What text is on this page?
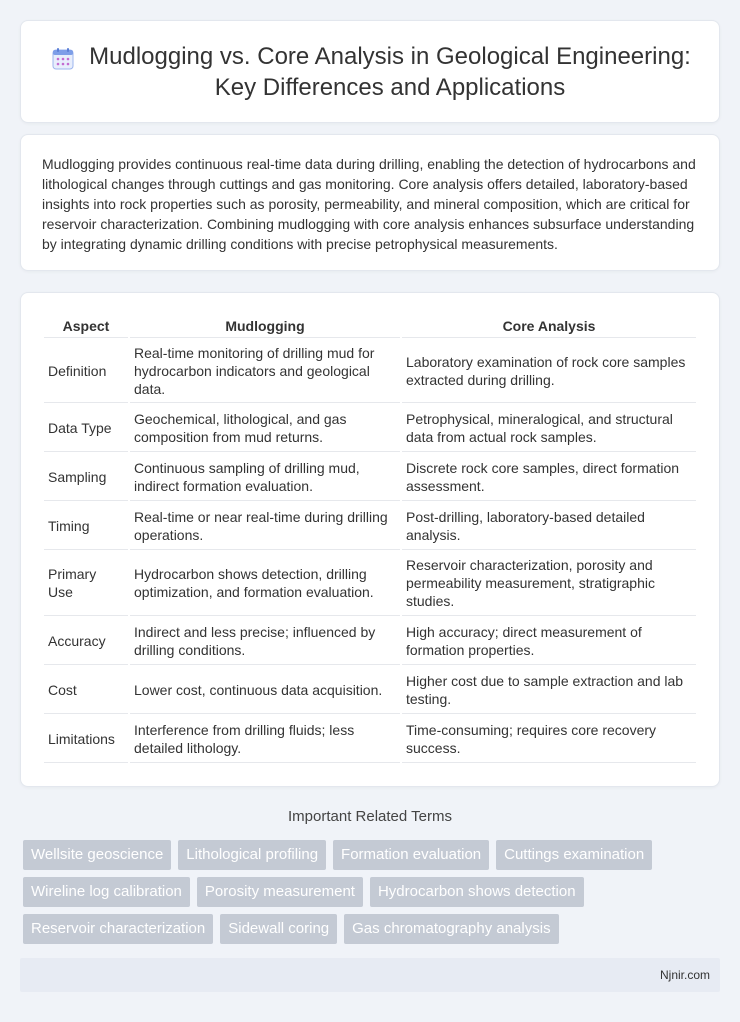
Mudlogging vs. Core Analysis in Geological Engineering: Key Differences and Applications

Mudlogging provides continuous real-time data during drilling, enabling the detection of hydrocarbons and lithological changes through cuttings and gas monitoring. Core analysis offers detailed, laboratory-based insights into rock properties such as porosity, permeability, and mineral composition, which are critical for reservoir characterization. Combining mudlogging with core analysis enhances subsurface understanding by integrating dynamic drilling conditions with precise petrophysical measurements.

Aspect	Mudlogging	Core Analysis
Definition	Real-time monitoring of drilling mud for hydrocarbon indicators and geological data.	Laboratory examination of rock core samples extracted during drilling.
Data Type	Geochemical, lithological, and gas composition from mud returns.	Petrophysical, mineralogical, and structural data from actual rock samples.
Sampling	Continuous sampling of drilling mud, indirect formation evaluation.	Discrete rock core samples, direct formation assessment.
Timing	Real-time or near real-time during drilling operations.	Post-drilling, laboratory-based detailed analysis.
Primary Use	Hydrocarbon shows detection, drilling optimization, and formation evaluation.	Reservoir characterization, porosity and permeability measurement, stratigraphic studies.
Accuracy	Indirect and less precise; influenced by drilling conditions.	High accuracy; direct measurement of formation properties.
Cost	Lower cost, continuous data acquisition.	Higher cost due to sample extraction and lab testing.
Limitations	Interference from drilling fluids; less detailed lithology.	Time-consuming; requires core recovery success.
Important Related Terms
Wellsite geoscience	Lithological profiling	Formation evaluation	Cuttings examination
Wireline log calibration	Porosity measurement	Hydrocarbon shows detection
Reservoir characterization	Sidewall coring	Gas chromatography analysis
Njnir.com
